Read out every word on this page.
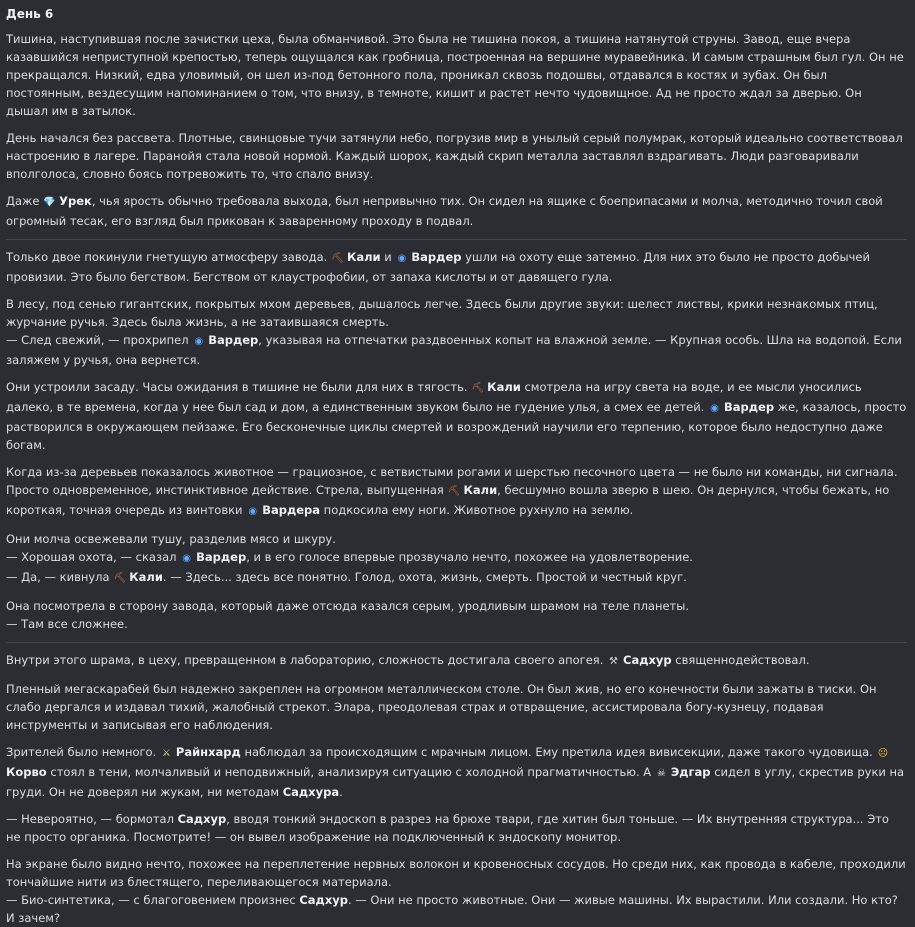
День 6

Тишина, наступившая после зачистки цеха, была обманчивой. Это была не тишина покоя, а тишина натянутой струны. Завод, еще вчера казавшийся неприступной крепостью, теперь ощущался как гробница, построенная на вершине муравейника. И самым страшным был гул. Он не прекращался. Низкий, едва уловимый, он шел из-под бетонного пола, проникал сквозь подошвы, отдавался в костях и зубах. Он был постоянным, вездесущим напоминанием о том, что внизу, в темноте, кишит и растет нечто чудовищное. Ад не просто ждал за дверью. Он дышал им в затылок.

День начался без рассвета. Плотные, свинцовые тучи затянули небо, погрузив мир в унылый серый полумрак, который идеально соответствовал настроению в лагере. Паранойя стала новой нормой. Каждый шорох, каждый скрип металла заставлял вздрагивать. Люди разговаривали вполголоса, словно боясь потревожить то, что спало внизу.

Даже 💎 Урек, чья ярость обычно требовала выхода, был непривычно тих. Он сидел на ящике с боеприпасами и молча, методично точил свой огромный тесак, его взгляд был прикован к заваренному проходу в подвал.

Только двое покинули гнетущую атмосферу завода. ⛏ Кали и ◉ Вардер ушли на охоту еще затемно. Для них это было не просто добычей провизии. Это было бегством. Бегством от клаустрофобии, от запаха кислоты и от давящего гула.

В лесу, под сенью гигантских, покрытых мхом деревьев, дышалось легче. Здесь были другие звуки: шелест листвы, крики незнакомых птиц, журчание ручья. Здесь была жизнь, а не затаившаяся смерть.
— След свежий, — прохрипел ◉ Вардер, указывая на отпечатки раздвоенных копыт на влажной земле. — Крупная особь. Шла на водопой. Если заляжем у ручья, она вернется.

Они устроили засаду. Часы ожидания в тишине не были для них в тягость. ⛏ Кали смотрела на игру света на воде, и ее мысли уносились далеко, в те времена, когда у нее был сад и дом, а единственным звуком было не гудение улья, а смех ее детей. ◉ Вардер же, казалось, просто растворился в окружающем пейзаже. Его бесконечные циклы смертей и возрождений научили его терпению, которое было недоступно даже богам.

Когда из-за деревьев показалось животное — грациозное, с ветвистыми рогами и шерстью песочного цвета — не было ни команды, ни сигнала. Просто одновременное, инстинктивное действие. Стрела, выпущенная ⛏ Кали, бесшумно вошла зверю в шею. Он дернулся, чтобы бежать, но короткая, точная очередь из винтовки ◉ Вардера подкосила ему ноги. Животное рухнуло на землю.

Они молча освежевали тушу, разделив мясо и шкуру.
— Хорошая охота, — сказал ◉ Вардер, и в его голосе впервые прозвучало нечто, похожее на удовлетворение.
— Да, — кивнула ⛏ Кали. — Здесь... здесь все понятно. Голод, охота, жизнь, смерть. Простой и честный круг.

Она посмотрела в сторону завода, который даже отсюда казался серым, уродливым шрамом на теле планеты.
— Там все сложнее.

Внутри этого шрама, в цеху, превращенном в лабораторию, сложность достигала своего апогея. ⚒ Садхур священнодействовал.

Пленный мегаскарабей был надежно закреплен на огромном металлическом столе. Он был жив, но его конечности были зажаты в тиски. Он слабо дергался и издавал тихий, жалобный стрекот. Элара, преодолевая страх и отвращение, ассистировала богу-кузнецу, подавая инструменты и записывая его наблюдения.

Зрителей было немного. ⚔ Райнхард наблюдал за происходящим с мрачным лицом. Ему претила идея вивисекции, даже такого чудовища. ☹Корво стоял в тени, молчаливый и неподвижный, анализируя ситуацию с холодной прагматичностью. А ☠ Эдгар сидел в углу, скрестив руки на груди. Он не доверял ни жукам, ни методам Садхура.

— Невероятно, — бормотал Садхур, вводя тонкий эндоскоп в разрез на брюхе твари, где хитин был тоньше. — Их внутренняя структура... Это не просто органика. Посмотрите! — он вывел изображение на подключенный к эндоскопу монитор.

На экране было видно нечто, похожее на переплетение нервных волокон и кровеносных сосудов. Но среди них, как провода в кабеле, проходили тончайшие нити из блестящего, переливающегося материала.
— Био-синтетика, — с благоговением произнес Садхур. — Они не просто животные. Они — живые машины. Их вырастили. Или создали. Но кто? И зачем?
